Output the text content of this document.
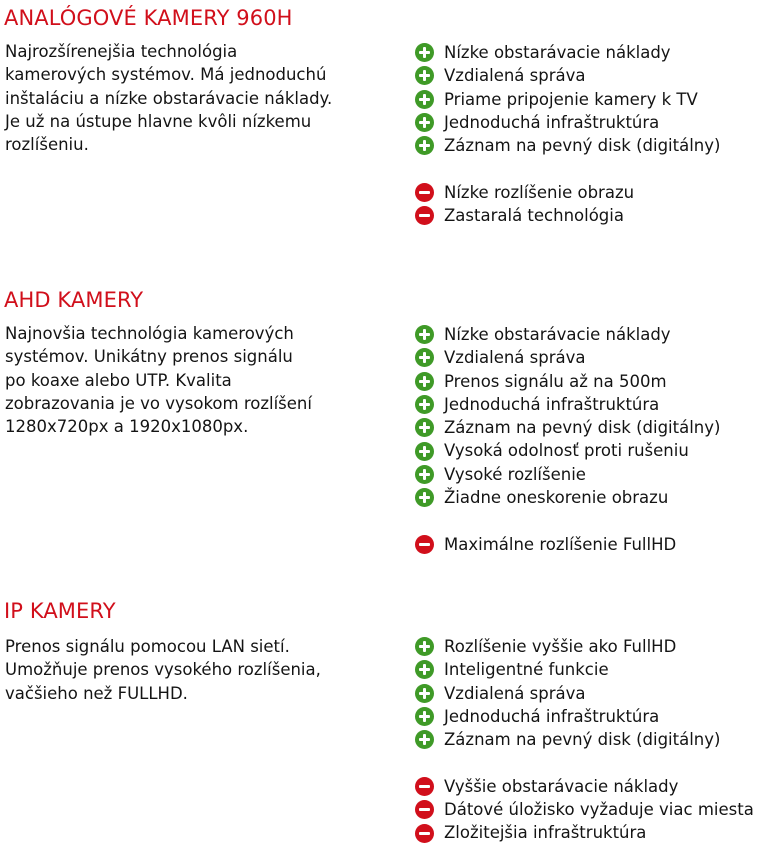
ANALÓGOVÉ KAMERY 960H
Najrozšírenejšia technológia
kamerových systémov. Má jednoduchú
inštaláciu a nízke obstarávacie náklady.
Je už na ústupe hlavne kvôli nízkemu
rozlíšeniu.
Nízke obstarávacie náklady
Vzdialená správa
Priame pripojenie kamery k TV
Jednoduchá infraštruktúra
Záznam na pevný disk (digitálny)
Nízke rozlíšenie obrazu
Zastaralá technológia
AHD KAMERY
Najnovšia technológia kamerových
systémov. Unikátny prenos signálu
po koaxe alebo UTP. Kvalita
zobrazovania je vo vysokom rozlíšení
1280x720px a 1920x1080px.
Nízke obstarávacie náklady
Vzdialená správa
Prenos signálu až na 500m
Jednoduchá infraštruktúra
Záznam na pevný disk (digitálny)
Vysoká odolnosť proti rušeniu
Vysoké rozlíšenie
Žiadne oneskorenie obrazu
Maximálne rozlíšenie FullHD
IP KAMERY
Prenos signálu pomocou LAN sietí.
Umožňuje prenos vysokého rozlíšenia,
vačšieho než FULLHD.
Rozlíšenie vyššie ako FullHD
Inteligentné funkcie
Vzdialená správa
Jednoduchá infraštruktúra
Záznam na pevný disk (digitálny)
Vyššie obstarávacie náklady
Dátové úložisko vyžaduje viac miesta
Zložitejšia infraštruktúra
